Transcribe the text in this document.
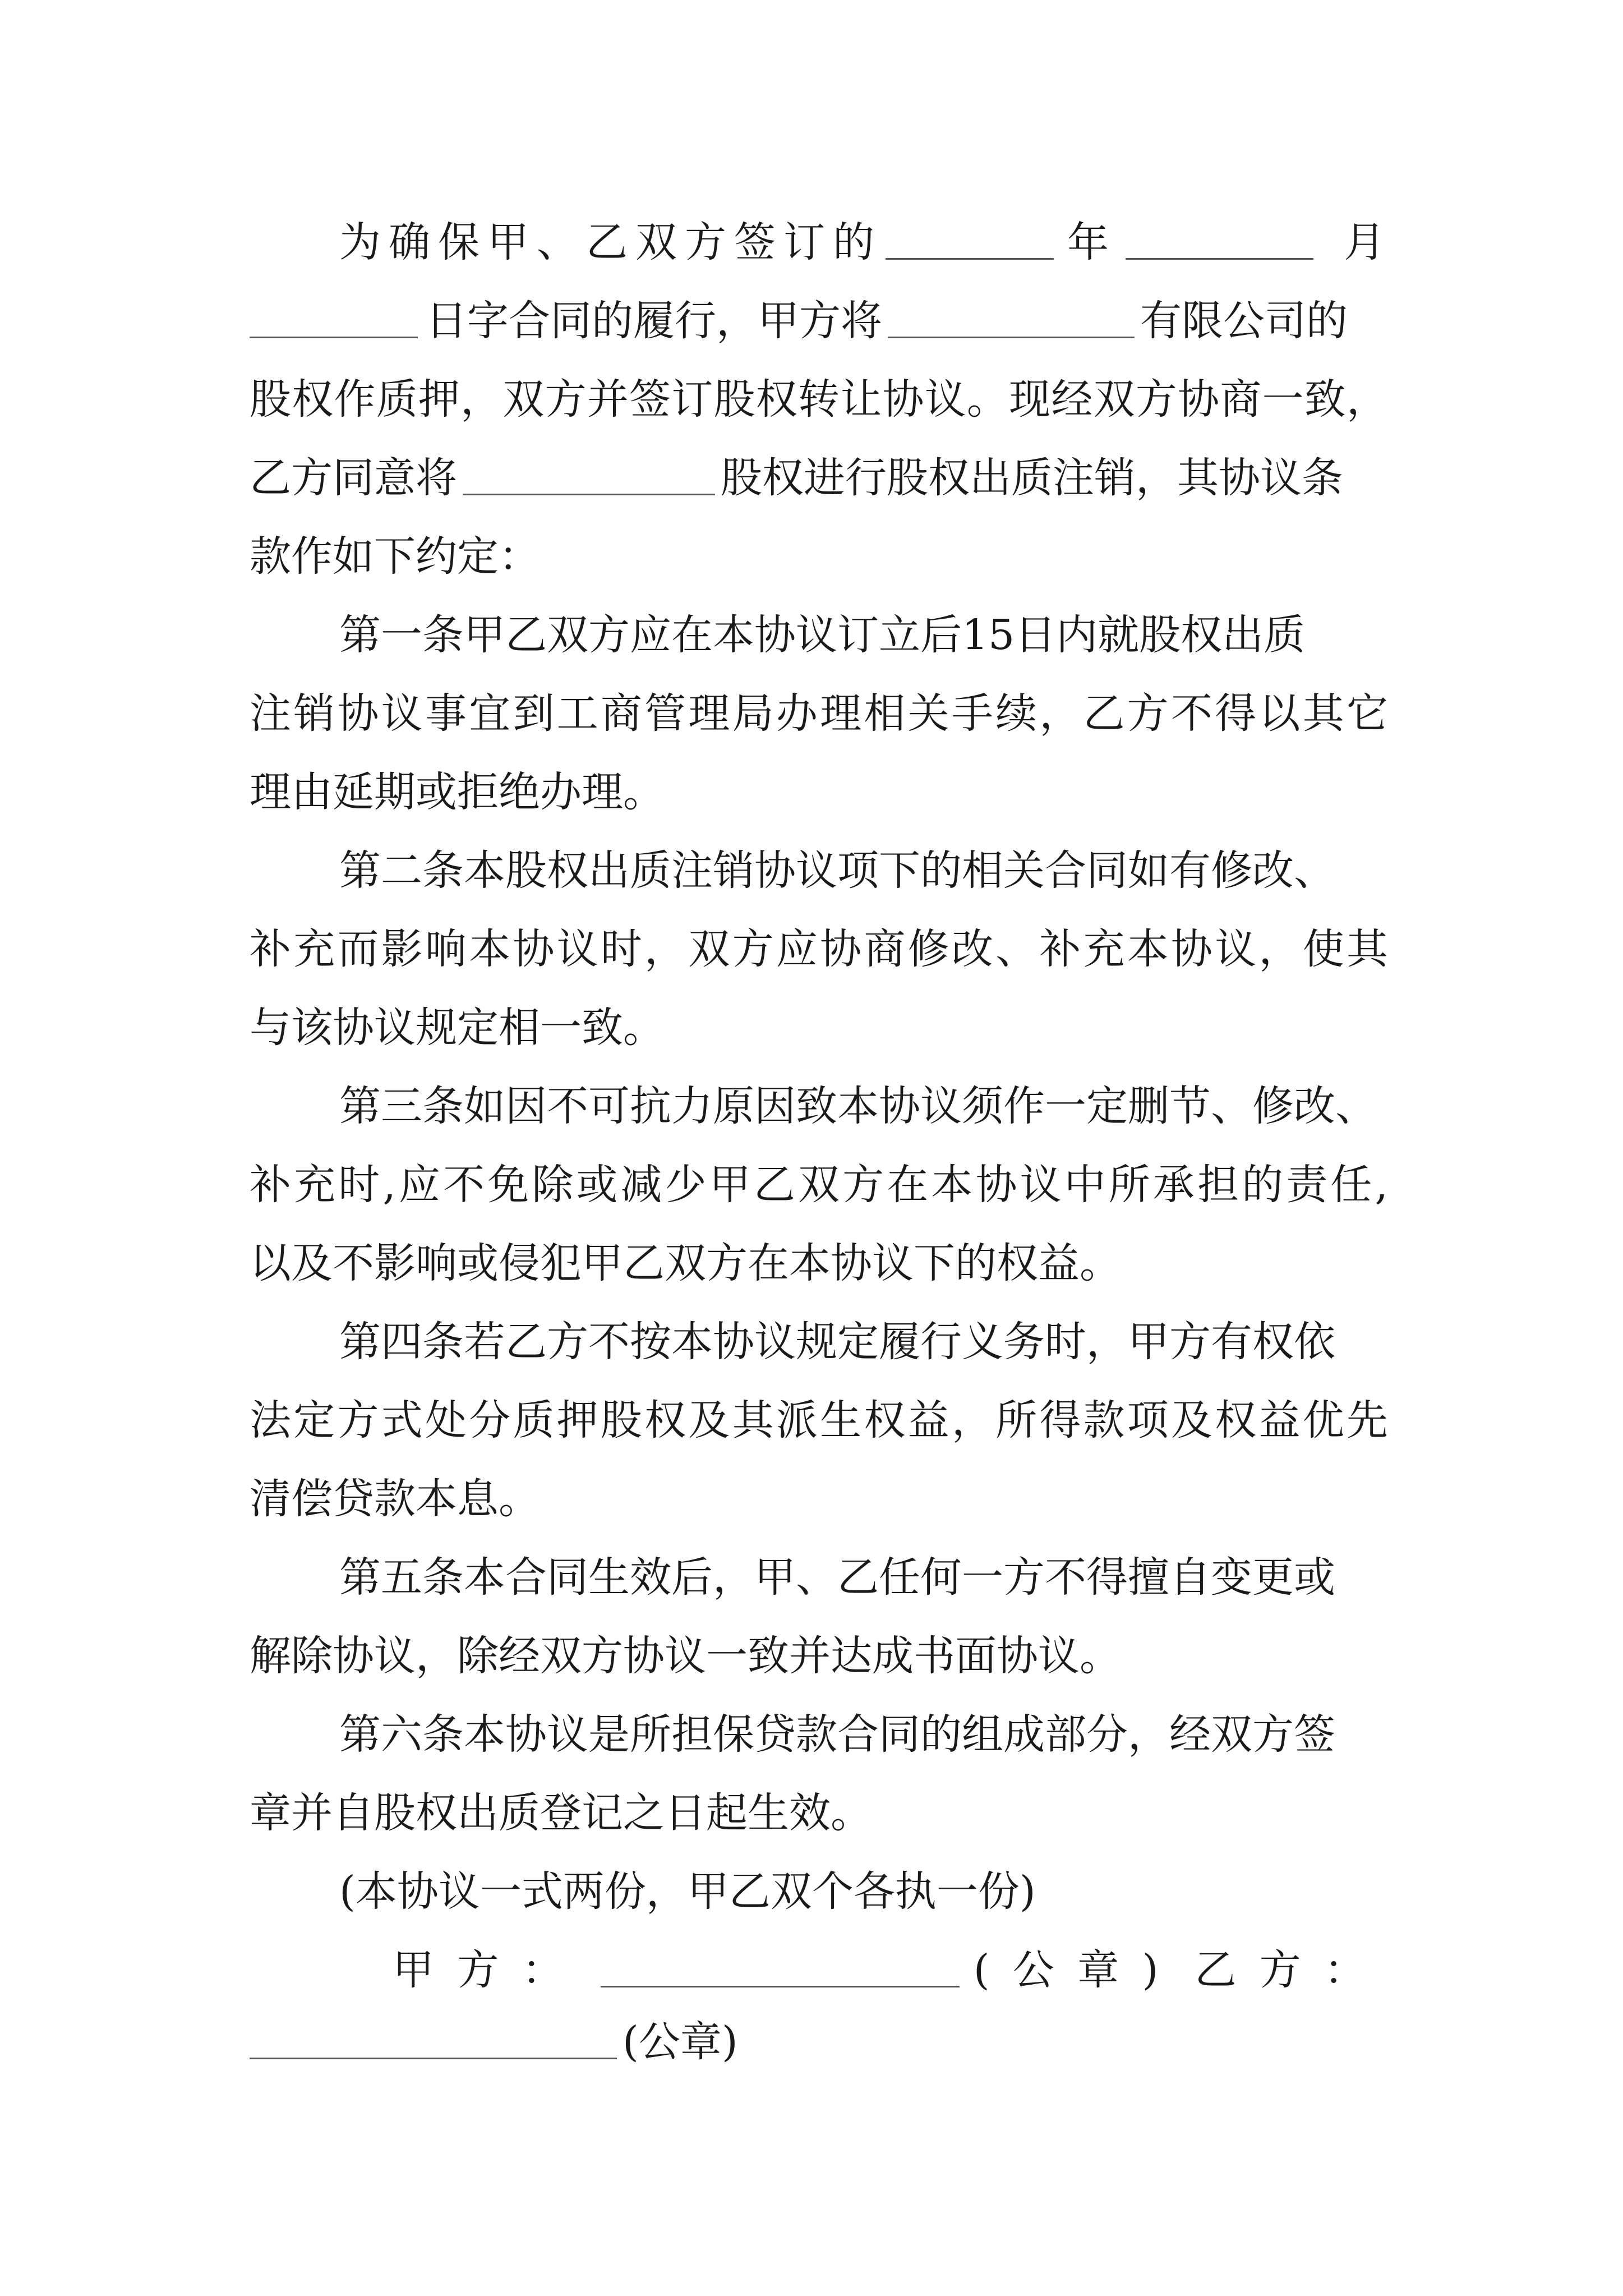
为确保甲、乙双方签订的	年	月
日字合同的履行，甲方将	有限公司的
股权作质押，双方并签订股权转让协议。现经双方协商一致，
乙方同意将	股权进行股权出质注销，其协议条
款作如下约定：
第一条甲乙双方应在本协议订立后15日内就股权出质
注销协议事宜到工商管理局办理相关手续，乙方不得以其它
理由延期或拒绝办理。
第二条本股权出质注销协议项下的相关合同如有修改、
补充而影响本协议时，双方应协商修改、补充本协议，使其
与该协议规定相一致。
第三条如因不可抗力原因致本协议须作一定删节、修改、
补充时,应不免除或减少甲乙双方在本协议中所承担的责任,
以及不影响或侵犯甲乙双方在本协议下的权益。
第四条若乙方不按本协议规定履行义务时，甲方有权依
法定方式处分质押股权及其派生权益，所得款项及权益优先
清偿贷款本息。
第五条本合同生效后，甲、乙任何一方不得擅自变更或
解除协议，除经双方协议一致并达成书面协议。
第六条本协议是所担保贷款合同的组成部分，经双方签
章并自股权出质登记之日起生效。
(本协议一式两份，甲乙双个各执一份)
甲方：	(公章) 乙方：
(公章)
